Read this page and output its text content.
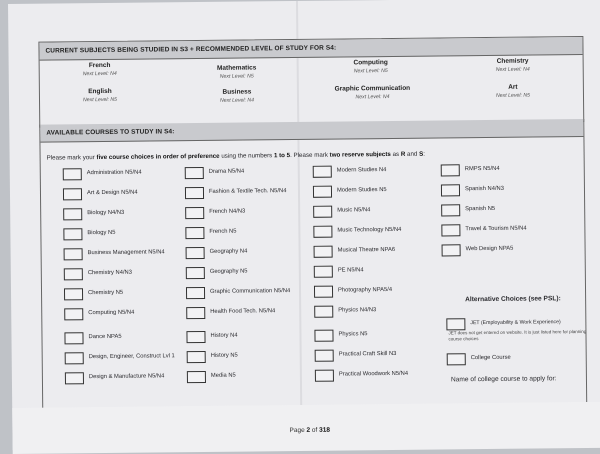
CURRENT SUBJECTS BEING STUDIED IN S3 + RECOMMENDED LEVEL OF STUDY FOR S4:
French
Next Level: N4
Mathematics
Next Level: N5
Computing
Next Level: N5
Chemistry
Next Level: N4
English
Next Level: N5
Business
Next Level: N4
Graphic Communication
Next Level: N4
Art
Next Level: N5
AVAILABLE COURSES TO STUDY IN S4:
Please mark your five course choices in order of preference using the numbers 1 to 5. Please mark two reserve subjects as R and S:
Administration N5/N4
Art & Design N5/N4
Biology N4/N3
Biology N5
Business Management N5/N4
Chemistry N4/N3
Chemistry N5
Computing N5/N4
Dance NPA5
Design, Engineer, Construct Lvl 1
Design & Manufacture N5/N4
Drama N5/N4
Fashion & Textile Tech. N5/N4
French N4/N3
French N5
Geography N4
Geography N5
Graphic Communication N5/N4
Health Food Tech. N5/N4
History N4
History N5
Media N5
Modern Studies N4
Modern Studies N5
Music N5/N4
Music Technology N5/N4
Musical Theatre NPA6
PE N5/N4
Photography NPA5/4
Physics N4/N3
Physics N5
Practical Craft Skill N3
Practical Woodwork N5/N4
RMPS N5/N4
Spanish N4/N3
Spanish N5
Travel & Tourism N5/N4
Web Design NPA5
Alternative Choices (see PSL):
JET (Employability & Work Experience)
JET does not get entered on website. It is just listed here for planning course choices
College Course
Name of college course to apply for:
Page 2 of 318
